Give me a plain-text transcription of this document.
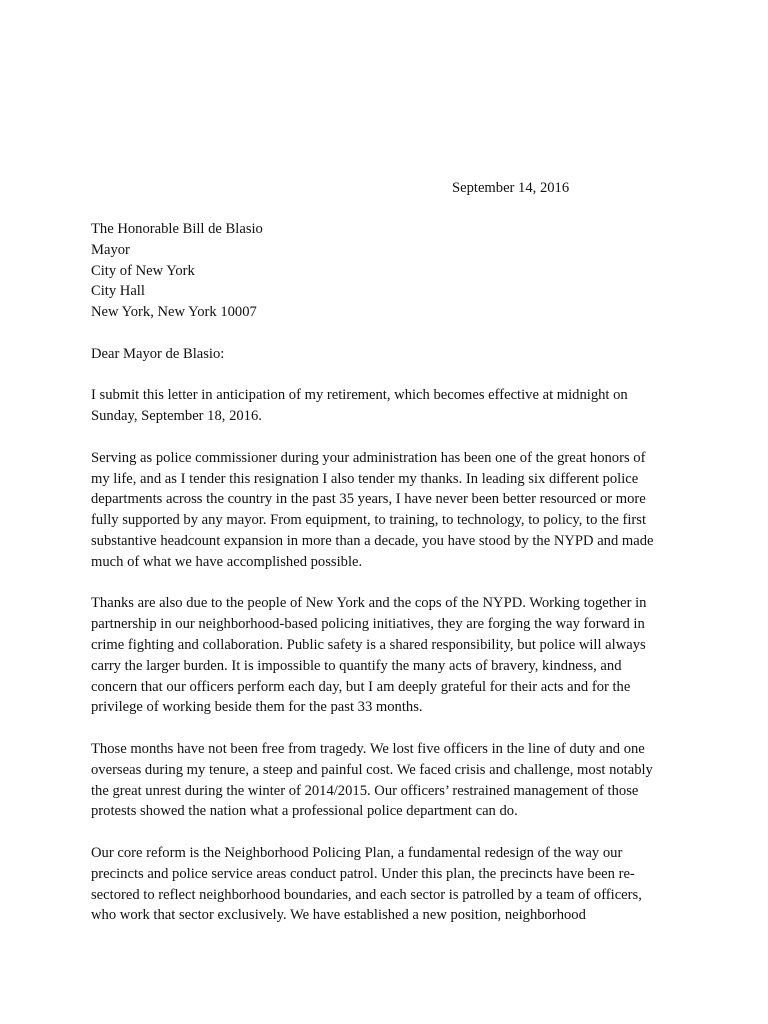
September 14, 2016
The Honorable Bill de Blasio
Mayor
City of New York
City Hall
New York, New York 10007
Dear Mayor de Blasio:
I submit this letter in anticipation of my retirement, which becomes effective at midnight on
Sunday, September 18, 2016.
Serving as police commissioner during your administration has been one of the great honors of
my life, and as I tender this resignation I also tender my thanks. In leading six different police
departments across the country in the past 35 years, I have never been better resourced or more
fully supported by any mayor. From equipment, to training, to technology, to policy, to the first
substantive headcount expansion in more than a decade, you have stood by the NYPD and made
much of what we have accomplished possible.
Thanks are also due to the people of New York and the cops of the NYPD. Working together in
partnership in our neighborhood-based policing initiatives, they are forging the way forward in
crime fighting and collaboration. Public safety is a shared responsibility, but police will always
carry the larger burden. It is impossible to quantify the many acts of bravery, kindness, and
concern that our officers perform each day, but I am deeply grateful for their acts and for the
privilege of working beside them for the past 33 months.
Those months have not been free from tragedy. We lost five officers in the line of duty and one
overseas during my tenure, a steep and painful cost. We faced crisis and challenge, most notably
the great unrest during the winter of 2014/2015. Our officers’ restrained management of those
protests showed the nation what a professional police department can do.
Our core reform is the Neighborhood Policing Plan, a fundamental redesign of the way our
precincts and police service areas conduct patrol. Under this plan, the precincts have been re-
sectored to reflect neighborhood boundaries, and each sector is patrolled by a team of officers,
who work that sector exclusively. We have established a new position, neighborhood
